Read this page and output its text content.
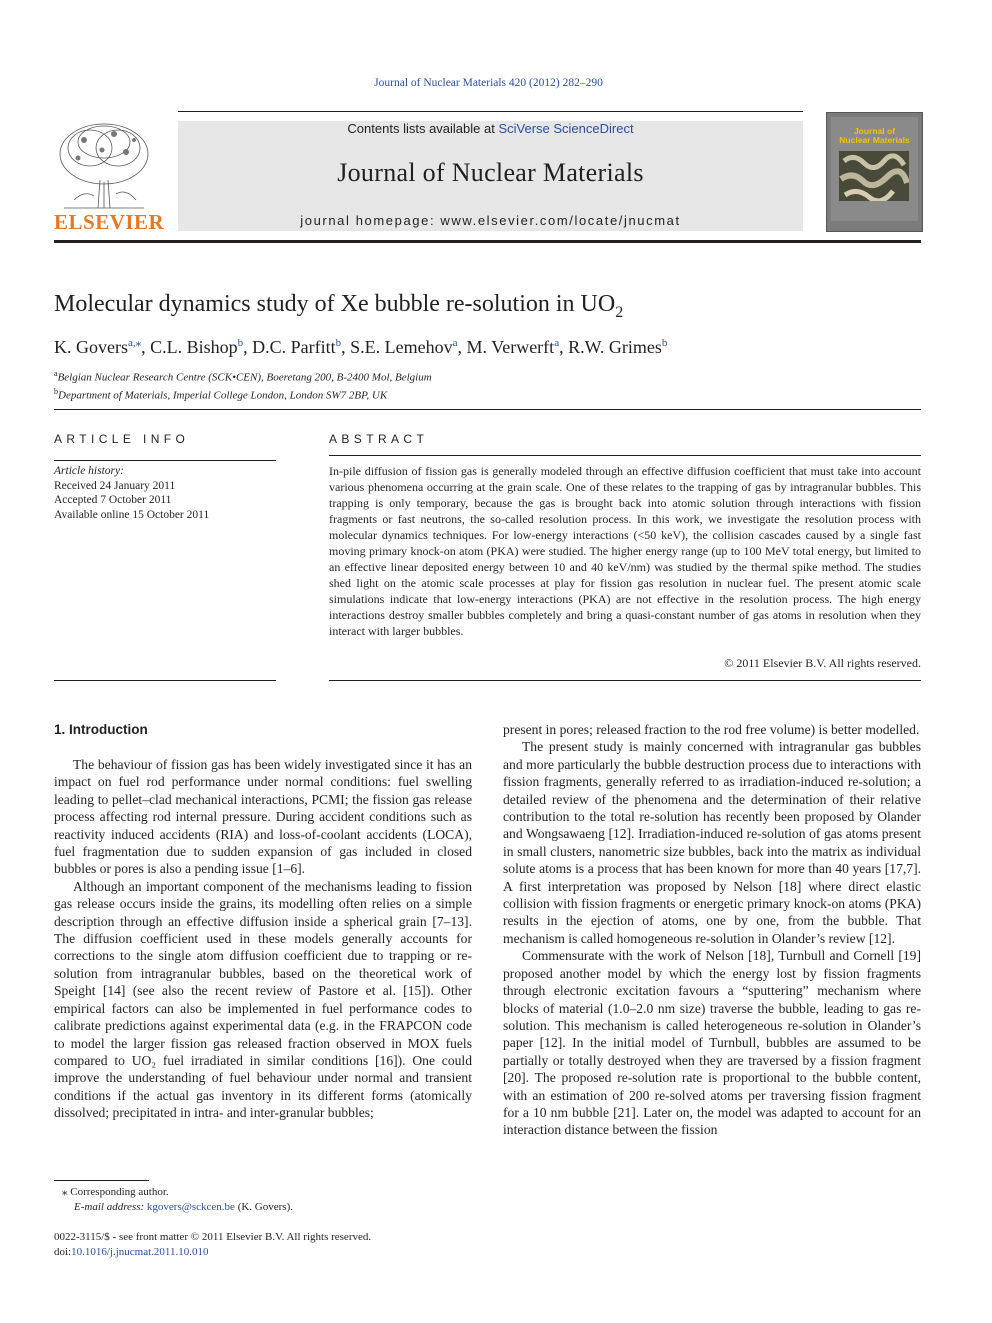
Journal of Nuclear Materials 420 (2012) 282–290
ELSEVIER
Contents lists available at SciVerse ScienceDirect
Journal of Nuclear Materials
journal homepage: www.elsevier.com/locate/jnucmat
Journal of
Nuclear Materials
Molecular dynamics study of Xe bubble re-solution in $UO_2$
K. Govers$^{a,⁎}$, C.L. Bishop$^b$, D.C. Parfitt$^b$, S.E. Lemehov$^a$, M. Verwerft$^a$, R.W. Grimes$^b$
$^a$Belgian Nuclear Research Centre (SCK•CEN), Boeretang 200, B-2400 Mol, Belgium
$^b$Department of Materials, Imperial College London, London SW7 2BP, UK
ARTICLE INFO
Article history:
Received 24 January 2011
Accepted 7 October 2011
Available online 15 October 2011
ABSTRACT
In-pile diffusion of fission gas is generally modeled through an effective diffusion coefficient that must take into account various phenomena occurring at the grain scale. One of these relates to the trapping of gas by intragranular bubbles. This trapping is only temporary, because the gas is brought back into atomic solution through interactions with fission fragments or fast neutrons, the so-called resolution process. In this work, we investigate the resolution process with molecular dynamics techniques. For low-energy interactions (<50 keV), the collision cascades caused by a single fast moving primary knock-on atom (PKA) were studied. The higher energy range (up to 100 MeV total energy, but limited to an effective linear deposited energy between 10 and 40 keV/nm) was studied by the thermal spike method. The studies shed light on the atomic scale processes at play for fission gas resolution in nuclear fuel. The present atomic scale simulations indicate that low-energy interactions (PKA) are not effective in the resolution process. The high energy interactions destroy smaller bubbles completely and bring a quasi-constant number of gas atoms in resolution when they interact with larger bubbles.
© 2011 Elsevier B.V. All rights reserved.
1. Introduction

The behaviour of fission gas has been widely investigated since it has an impact on fuel rod performance under normal conditions: fuel swelling leading to pellet–clad mechanical interactions, PCMI; the fission gas release process affecting rod internal pressure. During accident conditions such as reactivity induced accidents (RIA) and loss-of-coolant accidents (LOCA), fuel fragmentation due to sudden expansion of gas included in closed bubbles or pores is also a pending issue [1–6].

Although an important component of the mechanisms leading to fission gas release occurs inside the grains, its modelling often relies on a simple description through an effective diffusion inside a spherical grain [7–13]. The diffusion coefficient used in these models generally accounts for corrections to the single atom diffusion coefficient due to trapping or re-solution from intragranular bubbles, based on the theoretical work of Speight [14] (see also the recent review of Pastore et al. [15]). Other empirical factors can also be implemented in fuel performance codes to calibrate predictions against experimental data (e.g. in the FRAPCON code to model the larger fission gas released fraction observed in MOX fuels compared to UO₂ fuel irradiated in similar conditions [16]). One could improve the understanding of fuel behaviour under normal and transient conditions if the actual gas inventory in its different forms (atomically dissolved; precipitated in intra- and inter-granular bubbles;

present in pores; released fraction to the rod free volume) is better modelled.

The present study is mainly concerned with intragranular gas bubbles and more particularly the bubble destruction process due to interactions with fission fragments, generally referred to as irradiation-induced re-solution; a detailed review of the phenomena and the determination of their relative contribution to the total re-solution has recently been proposed by Olander and Wongsawaeng [12]. Irradiation-induced re-solution of gas atoms present in small clusters, nanometric size bubbles, back into the matrix as individual solute atoms is a process that has been known for more than 40 years [17,7]. A first interpretation was proposed by Nelson [18] where direct elastic collision with fission fragments or energetic primary knock-on atoms (PKA) results in the ejection of atoms, one by one, from the bubble. That mechanism is called homogeneous re-solution in Olander’s review [12].

Commensurate with the work of Nelson [18], Turnbull and Cornell [19] proposed another model by which the energy lost by fission fragments through electronic excitation favours a “sputtering” mechanism where blocks of material (1.0–2.0 nm size) traverse the bubble, leading to gas re-solution. This mechanism is called heterogeneous re-solution in Olander’s paper [12]. In the initial model of Turnbull, bubbles are assumed to be partially or totally destroyed when they are traversed by a fission fragment [20]. The proposed re-solution rate is proportional to the bubble content, with an estimation of 200 re-solved atoms per traversing fission fragment for a 10 nm bubble [21]. Later on, the model was adapted to account for an interaction distance between the fission

⁎ Corresponding author.
E-mail address: kgovers@sckcen.be (K. Govers).
0022-3115/$ - see front matter © 2011 Elsevier B.V. All rights reserved.
doi:10.1016/j.jnucmat.2011.10.010
